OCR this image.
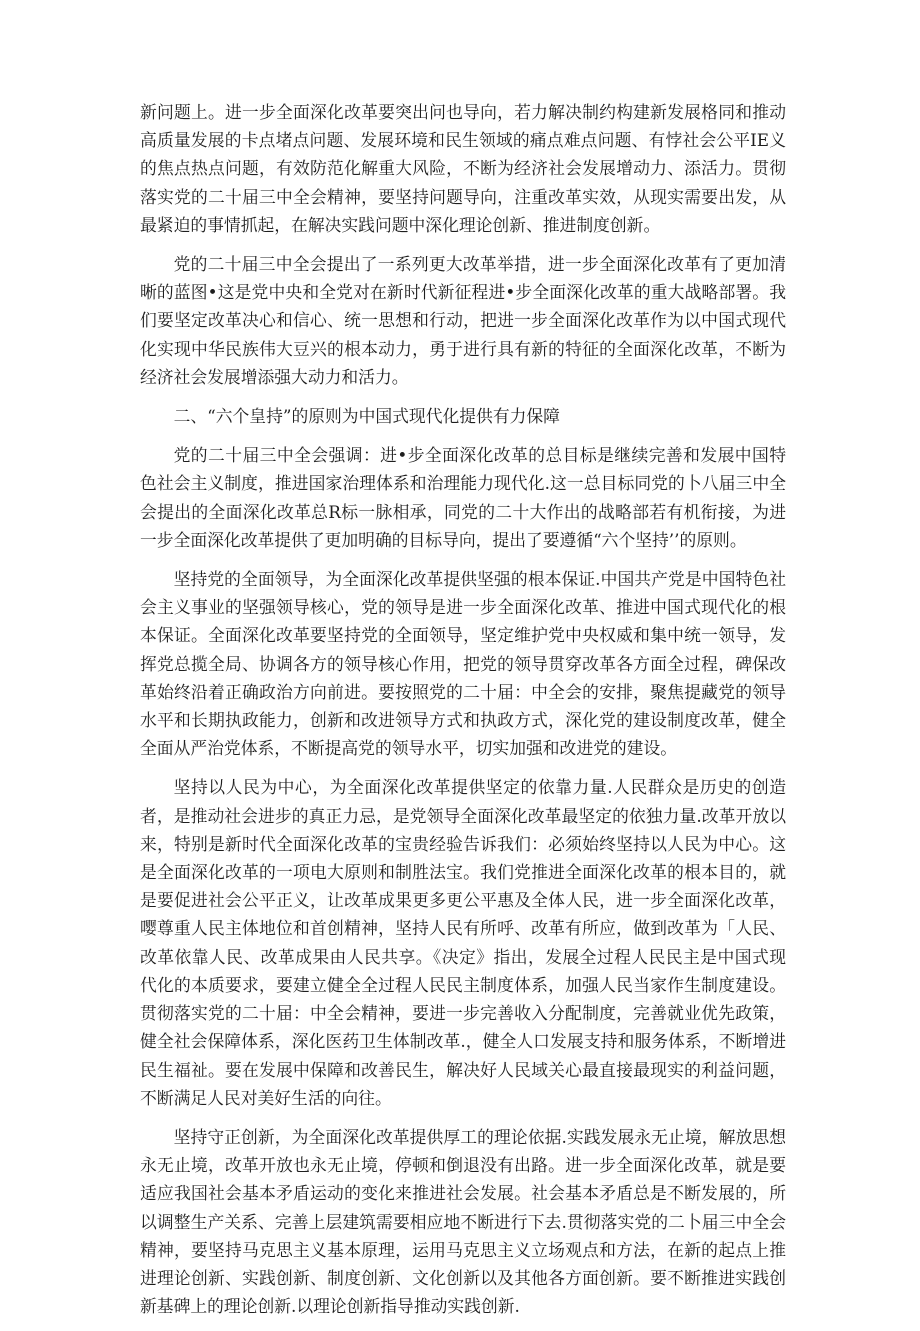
新问题上。进一步全面深化改革要突出问也导向，若力解决制约构建新发展格同和推动高质量发展的卡点堵点问题、发展环境和民生领域的痛点难点问题、有悖社会公平IE义的焦点热点问题，有效防范化解重大风险，不断为经济社会发展增动力、添活力。贯彻落实党的二十届三中全会精神，要坚持问题导向，注重改革实效，从现实需要出发，从最紧迫的事情抓起，在解决实践问题中深化理论创新、推进制度创新。

党的二十届三中全会提出了一系列更大改革举措，进一步全面深化改革有了更加清晰的蓝图•这是党中央和全党对在新时代新征程进•步全面深化改革的重大战略部署。我们要坚定改革决心和信心、统一思想和行动，把进一步全面深化改革作为以中国式现代化实现中华民族伟大豆兴的根本动力，勇于进行具有新的特征的全面深化改革，不断为经济社会发展增添强大动力和活力。

二、“六个皇持”的原则为中国式现代化提供有力保障

党的二十届三中全会强调：进•步全面深化改革的总目标是继续完善和发展中国特色社会主义制度，推进国家治理体系和治理能力现代化.这一总目标同党的卜八届三中全会提出的全面深化改革总R标一脉相承，同党的二十大作出的战略部若有机衔接，为进一步全面深化改革提供了更加明确的目标导向，提出了要遵循“六个坚持’’的原则。

坚持党的全面领导，为全面深化改革提供坚强的根本保证.中国共产党是中国特色社会主义事业的坚强领导核心，党的领导是进一步全面深化改革、推进中国式现代化的根本保证。全面深化改革要坚持党的全面领导，坚定维护党中央权威和集中统一领导，发挥党总揽全局、协调各方的领导核心作用，把党的领导贯穿改革各方面全过程，碑保改革始终沿着正确政治方向前进。要按照党的二十届：中全会的安排，聚焦提藏党的领导水平和长期执政能力，创新和改进领导方式和执政方式，深化党的建设制度改革，健全全面从严治党体系，不断提高党的领导水平，切实加强和改进党的建设。

坚持以人民为中心，为全面深化改革提供坚定的依靠力量.人民群众是历史的创造者，是推动社会进步的真正力忌，是党领导全面深化改革最坚定的依独力量.改革开放以来，特别是新时代全面深化改革的宝贵经验告诉我们：必须始终坚持以人民为中心。这是全面深化改革的一项电大原则和制胜法宝。我们党推进全面深化改革的根本目的，就是要促进社会公平正义，让改革成果更多更公平惠及全体人民，进一步全面深化改革，嘤尊重人民主体地位和首创精神，坚持人民有所呼、改革有所应，做到改革为「人民、改革依靠人民、改革成果由人民共享。《决定》指出，发展全过程人民民主是中国式现代化的本质要求，要建立健全全过程人民民主制度体系，加强人民当家作生制度建设。贯彻落实党的二十届：中全会精神，要进一步完善收入分配制度，完善就业优先政策，健全社会保障体系，深化医药卫生体制改革.，健全人口发展支持和服务体系，不断增进民生福祉。要在发展中保障和改善民生，解决好人民域关心最直接最现实的利益问题，不断满足人民对美好生活的向往。

坚持守正创新，为全面深化改革提供厚工的理论依据.实践发展永无止境，解放思想永无止境，改革开放也永无止境，停顿和倒退没有出路。进一步全面深化改革，就是要适应我国社会基本矛盾运动的变化来推进社会发展。社会基本矛盾总是不断发展的，所以调整生产关系、完善上层建筑需要相应地不断进行下去.贯彻落实党的二卜届三中全会精神，要坚持马克思主义基本原理，运用马克思主义立场观点和方法，在新的起点上推进理论创新、实践创新、制度创新、文化创新以及其他各方面创新。要不断推进实践创新基碑上的理论创新.以理论创新指导推动实践创新.
